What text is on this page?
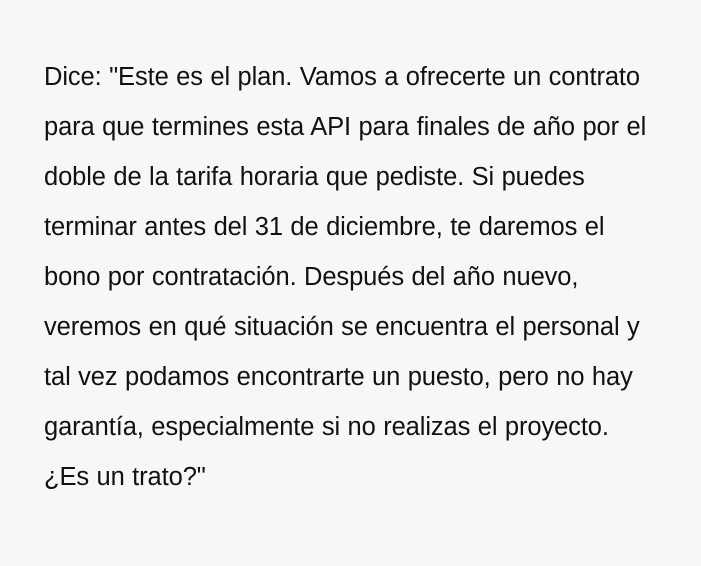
Dice: "Este es el plan. Vamos a ofrecerte un contrato para que termines esta API para finales de año por el doble de la tarifa horaria que pediste. Si puedes terminar antes del 31 de diciembre, te daremos el bono por contratación. Después del año nuevo, veremos en qué situación se encuentra el personal y tal vez podamos encontrarte un puesto, pero no hay garantía, especialmente si no realizas el proyecto. ¿Es un trato?"
